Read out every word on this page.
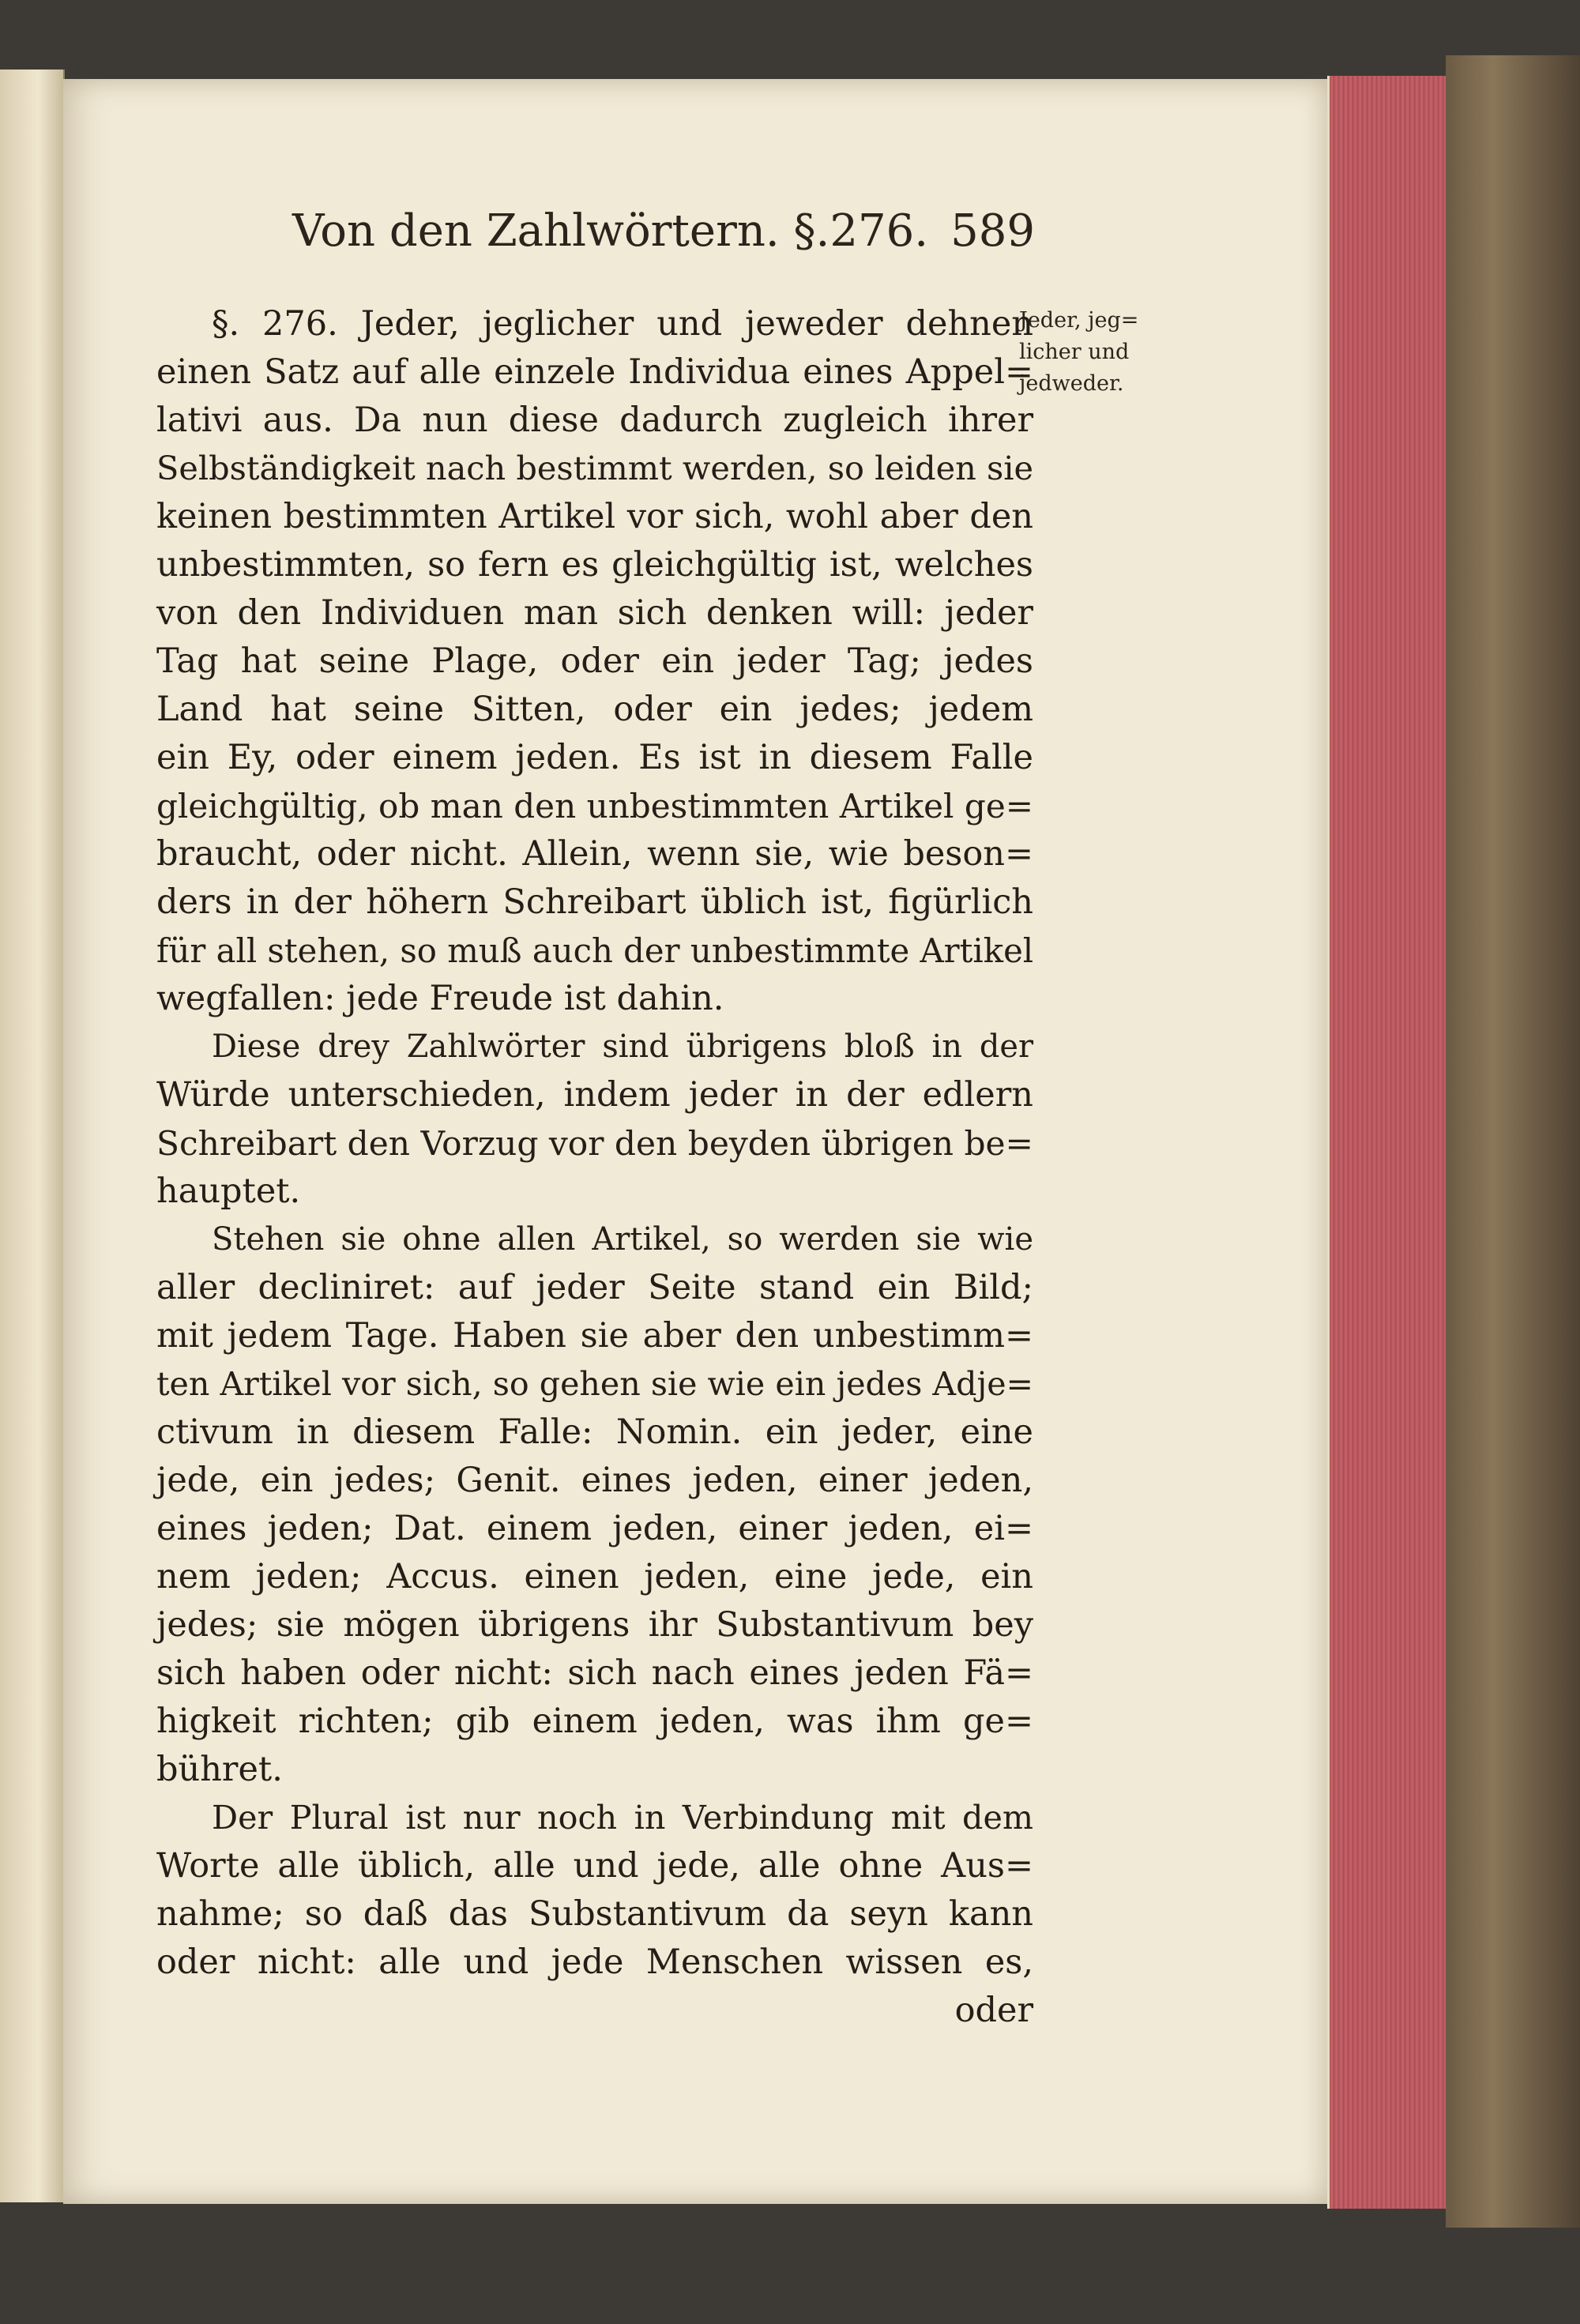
Von den Zahlwörtern. §.276. 589
Jeder, jeg=
licher und
jedweder.
§. 276. Jeder, jeglicher und jeweder dehnen
einen Satz auf alle einzele Individua eines Appel=
lativi aus. Da nun diese dadurch zugleich ihrer
Selbständigkeit nach bestimmt werden, so leiden sie
keinen bestimmten Artikel vor sich, wohl aber den
unbestimmten, so fern es gleichgültig ist, welches
von den Individuen man sich denken will: jeder
Tag hat seine Plage, oder ein jeder Tag; jedes
Land hat seine Sitten, oder ein jedes; jedem
ein Ey, oder einem jeden. Es ist in diesem Falle
gleichgültig, ob man den unbestimmten Artikel ge=
braucht, oder nicht. Allein, wenn sie, wie beson=
ders in der höhern Schreibart üblich ist, figürlich
für all stehen, so muß auch der unbestimmte Artikel
wegfallen: jede Freude ist dahin.
Diese drey Zahlwörter sind übrigens bloß in der
Würde unterschieden, indem jeder in der edlern
Schreibart den Vorzug vor den beyden übrigen be=
hauptet.
Stehen sie ohne allen Artikel, so werden sie wie
aller decliniret: auf jeder Seite stand ein Bild;
mit jedem Tage. Haben sie aber den unbestimm=
ten Artikel vor sich, so gehen sie wie ein jedes Adje=
ctivum in diesem Falle: Nomin. ein jeder, eine
jede, ein jedes; Genit. eines jeden, einer jeden,
eines jeden; Dat. einem jeden, einer jeden, ei=
nem jeden; Accus. einen jeden, eine jede, ein
jedes; sie mögen übrigens ihr Substantivum bey
sich haben oder nicht: sich nach eines jeden Fä=
higkeit richten; gib einem jeden, was ihm ge=
bühret.
Der Plural ist nur noch in Verbindung mit dem
Worte alle üblich, alle und jede, alle ohne Aus=
nahme; so daß das Substantivum da seyn kann
oder nicht: alle und jede Menschen wissen es,
oder
